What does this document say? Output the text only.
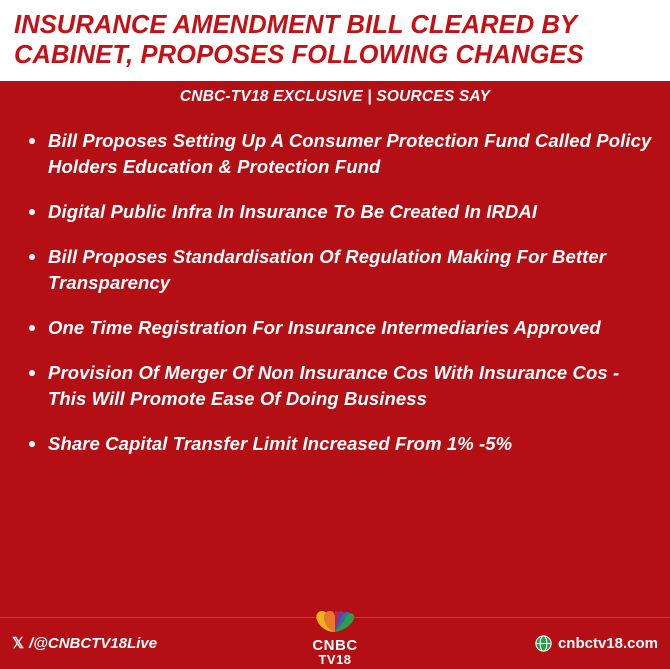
INSURANCE AMENDMENT BILL CLEARED BY CABINET, PROPOSES FOLLOWING CHANGES
CNBC-TV18 EXCLUSIVE | SOURCES SAY
Bill Proposes Setting Up A Consumer Protection Fund Called Policy Holders Education & Protection Fund
Digital Public Infra In Insurance To Be Created In IRDAI
Bill Proposes Standardisation Of Regulation Making For Better Transparency
One Time Registration For Insurance Intermediaries Approved
Provision Of Merger Of Non Insurance Cos With Insurance Cos - This Will Promote Ease Of Doing Business
Share Capital Transfer Limit Increased From 1% -5%
𝕏 /@CNBCTV18Live	CNBC
TV18
cnbctv18.com
